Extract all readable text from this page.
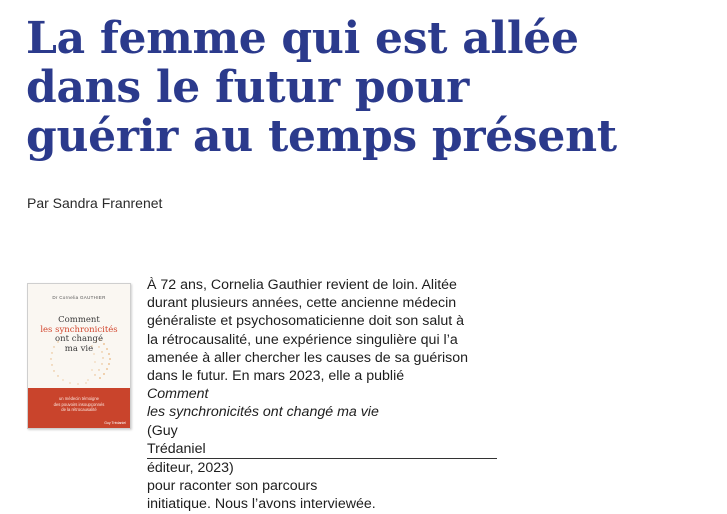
La femme qui est allée
dans le futur pour
guérir au temps présent

Par Sandra Franrenet

Dr Cornelia GAUTHIER
Comment
les synchronicités
ont changé
ma vie
un médecin témoigne
des pouvoirs insoupçonnés
de la rétrocausalité
Guy Trédaniel

À 72 ans, Cornelia Gauthier revient de loin. Alitée
durant plusieurs années, cette ancienne médecin
généraliste et psychosomaticienne doit son salut à
la rétrocausalité, une expérience singulière qui l’a
amenée à aller chercher les causes de sa guérison
dans le futur. En mars 2023, elle a publié
Comment
les synchronicités ont changé ma vie
(Guy
Trédaniel
éditeur, 2023)
pour raconter son parcours
initiatique. Nous l’avons interviewée.
